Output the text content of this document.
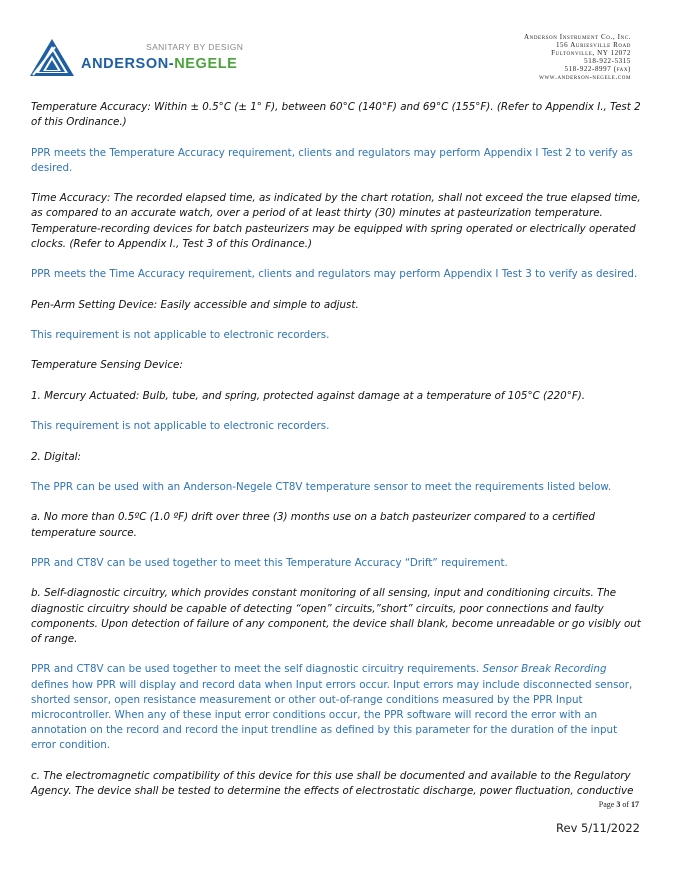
SANITARY BY DESIGN
ANDERSON-NEGELE
Anderson Instrument Co., Inc.
156 Auriesville Road
Fultonville, NY 12072
518-922-5315
518-922-8997 (fax)
www.anderson-negele.com

Temperature Accuracy: Within ± 0.5°C (± 1° F), between 60°C (140°F) and 69°C (155°F). (Refer to Appendix I., Test 2 of this Ordinance.)

PPR meets the Temperature Accuracy requirement, clients and regulators may perform Appendix I Test 2 to verify as desired.

Time Accuracy: The recorded elapsed time, as indicated by the chart rotation, shall not exceed the true elapsed time, as compared to an accurate watch, over a period of at least thirty (30) minutes at pasteurization temperature. Temperature-recording devices for batch pasteurizers may be equipped with spring operated or electrically operated clocks. (Refer to Appendix I., Test 3 of this Ordinance.)

PPR meets the Time Accuracy requirement, clients and regulators may perform Appendix I Test 3 to verify as desired.

Pen-Arm Setting Device: Easily accessible and simple to adjust.

This requirement is not applicable to electronic recorders.

Temperature Sensing Device:

1. Mercury Actuated: Bulb, tube, and spring, protected against damage at a temperature of 105°C (220°F).

This requirement is not applicable to electronic recorders.

2. Digital:

The PPR can be used with an Anderson-Negele CT8V temperature sensor to meet the requirements listed below.

a. No more than 0.5ºC (1.0 ºF) drift over three (3) months use on a batch pasteurizer compared to a certified temperature source.

PPR and CT8V can be used together to meet this Temperature Accuracy “Drift” requirement.

b. Self-diagnostic circuitry, which provides constant monitoring of all sensing, input and conditioning circuits. The diagnostic circuitry should be capable of detecting “open” circuits,”short” circuits, poor connections and faulty components. Upon detection of failure of any component, the device shall blank, become unreadable or go visibly out of range.

PPR and CT8V can be used together to meet the self diagnostic circuitry requirements. Sensor Break Recording defines how PPR will display and record data when Input errors occur. Input errors may include disconnected sensor, shorted sensor, open resistance measurement or other out-of-range conditions measured by the PPR Input microcontroller. When any of these input error conditions occur, the PPR software will record the error with an annotation on the record and record the input trendline as defined by this parameter for the duration of the input error condition.

c. The electromagnetic compatibility of this device for this use shall be documented and available to the Regulatory Agency. The device shall be tested to determine the effects of electrostatic discharge, power fluctuation, conductive

Page 3 of 17
Rev 5/11/2022
